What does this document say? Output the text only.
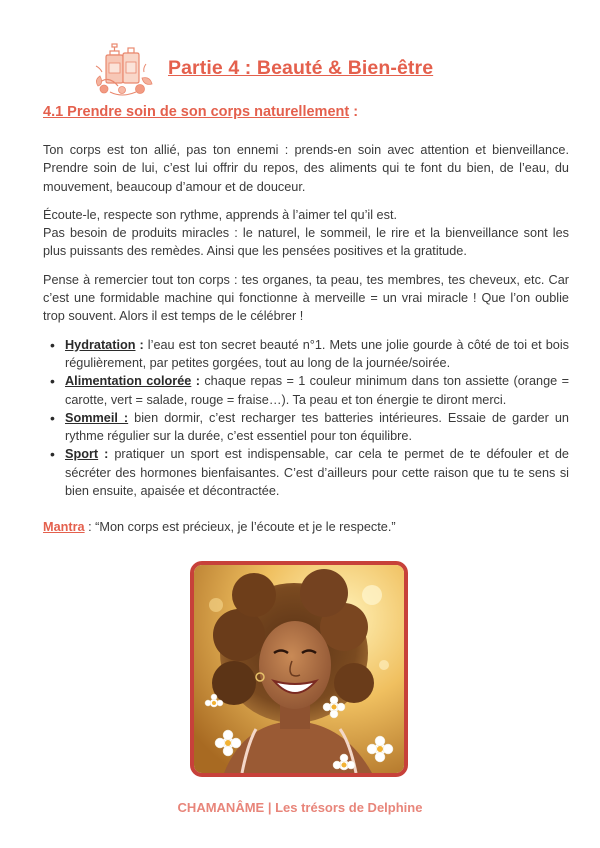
Partie 4 : Beauté & Bien-être
4.1 Prendre soin de son corps naturellement :

Ton corps est ton allié, pas ton ennemi : prends-en soin avec attention et bienveillance. Prendre soin de lui, c’est lui offrir du repos, des aliments qui te font du bien, de l’eau, du mouvement, beaucoup d’amour et de douceur.

Écoute-le, respecte son rythme, apprends à l’aimer tel qu’il est.
Pas besoin de produits miracles : le naturel, le sommeil, le rire et la bienveillance sont les plus puissants des remèdes. Ainsi que les pensées positives et la gratitude.

Pense à remercier tout ton corps : tes organes, ta peau, tes membres, tes cheveux, etc. Car c’est une formidable machine qui fonctionne à merveille = un vrai miracle ! Que l’on oublie trop souvent. Alors il est temps de le célébrer !

• Hydratation : l’eau est ton secret beauté n°1. Mets une jolie gourde à côté de toi et bois régulièrement, par petites gorgées, tout au long de la journée/soirée.
• Alimentation colorée : chaque repas = 1 couleur minimum dans ton assiette (orange = carotte, vert = salade, rouge = fraise…). Ta peau et ton énergie te diront merci.
• Sommeil : bien dormir, c’est recharger tes batteries intérieures. Essaie de garder un rythme régulier sur la durée, c’est essentiel pour ton équilibre.
• Sport : pratiquer un sport est indispensable, car cela te permet de te défouler et de sécréter des hormones bienfaisantes. C’est d’ailleurs pour cette raison que tu te sens si bien ensuite, apaisée et décontractée.
Mantra : “Mon corps est précieux, je l’écoute et je le respecte.”

CHAMANÂME | Les trésors de Delphine
